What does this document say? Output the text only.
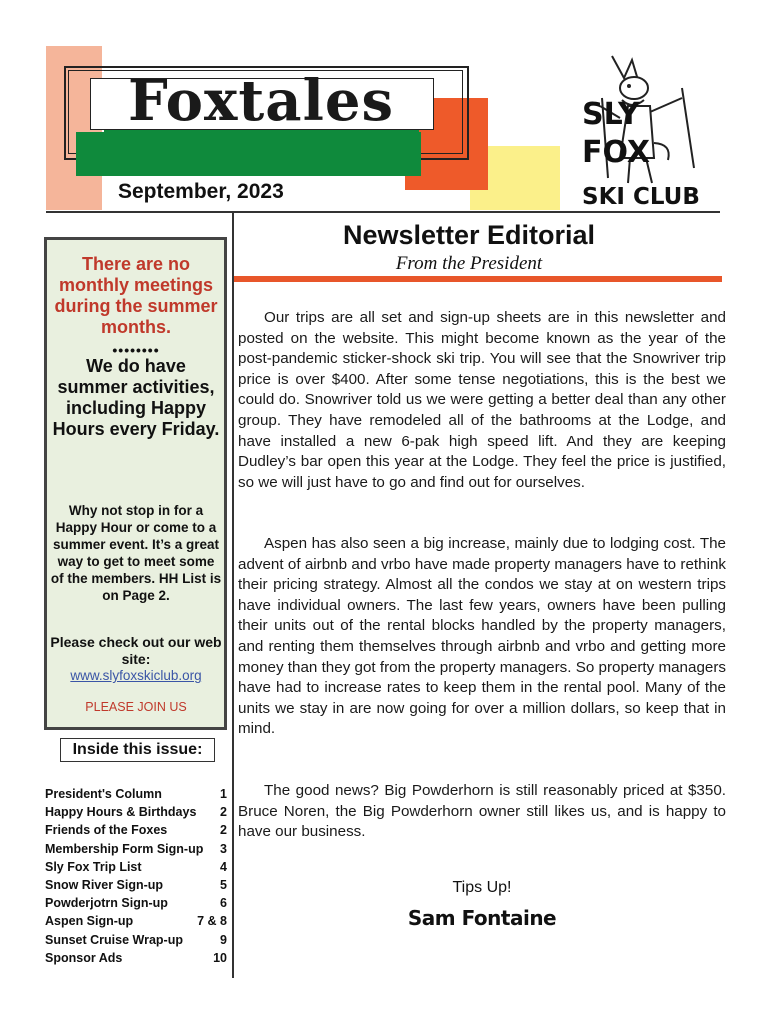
Foxtales
September, 2023
SLY
FOX
SKI CLUB
There are no monthly meetings during the summer months.
••••••••
We do have summer activities, including Happy Hours every Friday.
Why not stop in for a Happy Hour or come to a summer event. It’s a great way to get to meet some of the members. HH List is on Page 2.
Please check out our web site:
www.slyfoxskiclub.org
PLEASE JOIN US
Inside this issue:
President's Column	1
Happy Hours & Birthdays 2
Friends of the Foxes	2
Membership Form Sign-up 3
Sly Fox Trip List	4
Snow River Sign-up	5
Powderjotrn Sign-up	6
Aspen Sign-up	7 & 8
Sunset Cruise Wrap-up	9
Sponsor Ads	10
Newsletter Editorial
From the President
Our trips are all set and sign-up sheets are in this newsletter and posted on the website. This might become known as the year of the post-pandemic sticker-shock ski trip. You will see that the Snowriver trip price is over $400. After some tense negotiations, this is the best we could do. Snowriver told us we were getting a better deal than any other group. They have remodeled all of the bathrooms at the Lodge, and have installed a new 6-pak high speed lift. And they are keeping Dudley’s bar open this year at the Lodge. They feel the price is justified, so we will just have to go and find out for ourselves.
Aspen has also seen a big increase, mainly due to lodging cost. The advent of airbnb and vrbo have made property managers have to rethink their pricing strategy. Almost all the condos we stay at on western trips have individual owners. The last few years, owners have been pulling their units out of the rental blocks handled by the property managers, and renting them themselves through airbnb and vrbo and getting more money than they got from the property managers. So property managers have had to increase rates to keep them in the rental pool. Many of the units we stay in are now going for over a million dollars, so keep that in mind.
The good news? Big Powderhorn is still reasonably priced at $350. Bruce Noren, the Big Powderhorn owner still likes us, and is happy to have our business.
Tips Up!
Sam Fontaine
